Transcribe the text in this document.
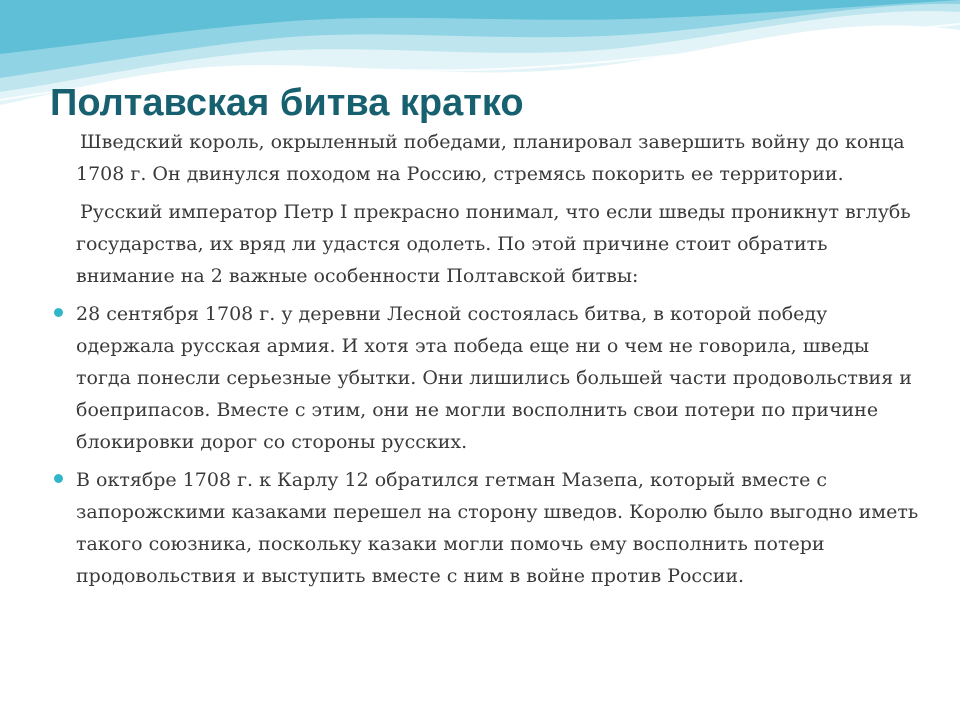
Полтавская битва кратко

Шведский король, окрыленный победами, планировал завершить войну до конца 1708 г. Он двинулся походом на Россию, стремясь покорить ее территории.

Русский император Петр I прекрасно понимал, что если шведы проникнут вглубь государства, их вряд ли удастся одолеть. По этой причине стоит обратить внимание на 2 важные особенности Полтавской битвы:

28 сентября 1708 г. у деревни Лесной состоялась битва, в которой победу одержала русская армия. И хотя эта победа еще ни о чем не говорила, шведы тогда понесли серьезные убытки. Они лишились большей части продовольствия и боеприпасов. Вместе с этим, они не могли восполнить свои потери по причине блокировки дорог со стороны русских.
В октябре 1708 г. к Карлу 12 обратился гетман Мазепа, который вместе с запорожскими казаками перешел на сторону шведов. Королю было выгодно иметь такого союзника, поскольку казаки могли помочь ему восполнить потери продовольствия и выступить вместе с ним в войне против России.
